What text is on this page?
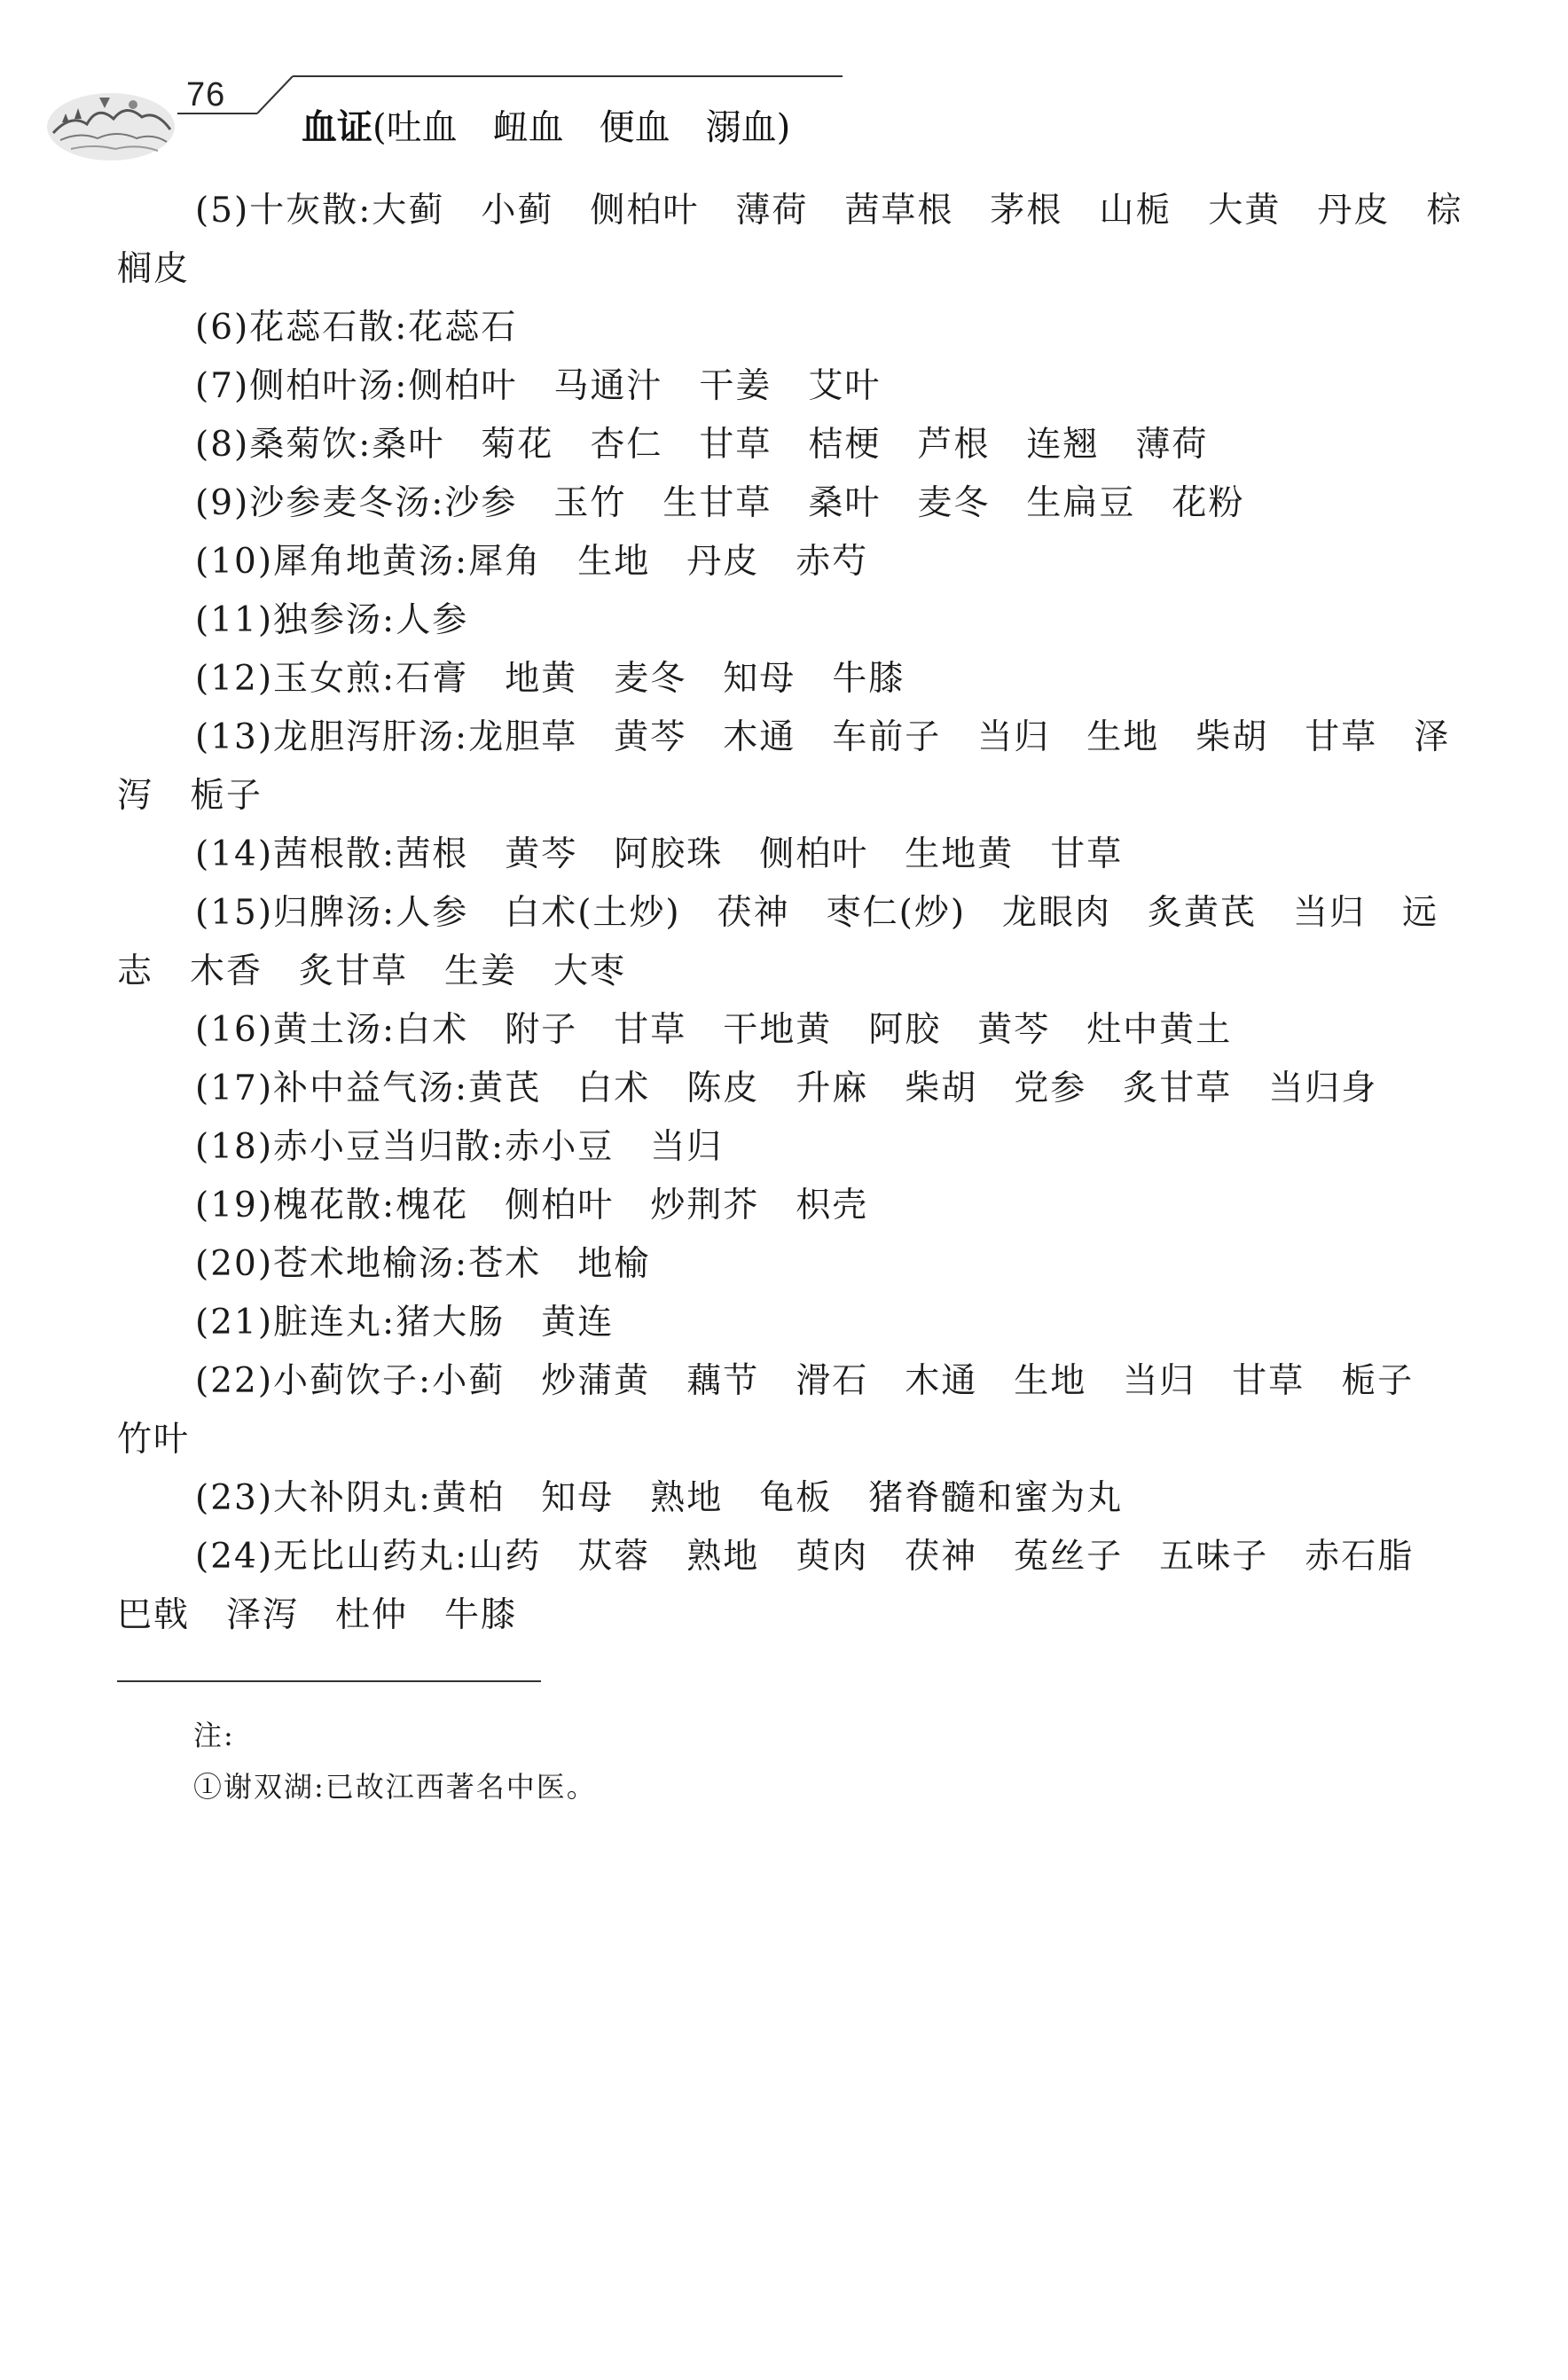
76
血证(吐血　衄血　便血　溺血)

(5)十灰散:大蓟　小蓟　侧柏叶　薄荷　茜草根　茅根　山栀　大黄　丹皮　棕榈皮

(6)花蕊石散:花蕊石

(7)侧柏叶汤:侧柏叶　马通汁　干姜　艾叶

(8)桑菊饮:桑叶　菊花　杏仁　甘草　桔梗　芦根　连翘　薄荷

(9)沙参麦冬汤:沙参　玉竹　生甘草　桑叶　麦冬　生扁豆　花粉

(10)犀角地黄汤:犀角　生地　丹皮　赤芍

(11)独参汤:人参

(12)玉女煎:石膏　地黄　麦冬　知母　牛膝

(13)龙胆泻肝汤:龙胆草　黄芩　木通　车前子　当归　生地　柴胡　甘草　泽泻　栀子

(14)茜根散:茜根　黄芩　阿胶珠　侧柏叶　生地黄　甘草

(15)归脾汤:人参　白术(土炒)　茯神　枣仁(炒)　龙眼肉　炙黄芪　当归　远志　木香　炙甘草　生姜　大枣

(16)黄土汤:白术　附子　甘草　干地黄　阿胶　黄芩　灶中黄土

(17)补中益气汤:黄芪　白术　陈皮　升麻　柴胡　党参　炙甘草　当归身

(18)赤小豆当归散:赤小豆　当归

(19)槐花散:槐花　侧柏叶　炒荆芥　枳壳

(20)苍术地榆汤:苍术　地榆

(21)脏连丸:猪大肠　黄连

(22)小蓟饮子:小蓟　炒蒲黄　藕节　滑石　木通　生地　当归　甘草　栀子　竹叶

(23)大补阴丸:黄柏　知母　熟地　龟板　猪脊髓和蜜为丸

(24)无比山药丸:山药　苁蓉　熟地　萸肉　茯神　菟丝子　五味子　赤石脂　巴戟　泽泻　杜仲　牛膝

注:
①谢双湖:已故江西著名中医。
